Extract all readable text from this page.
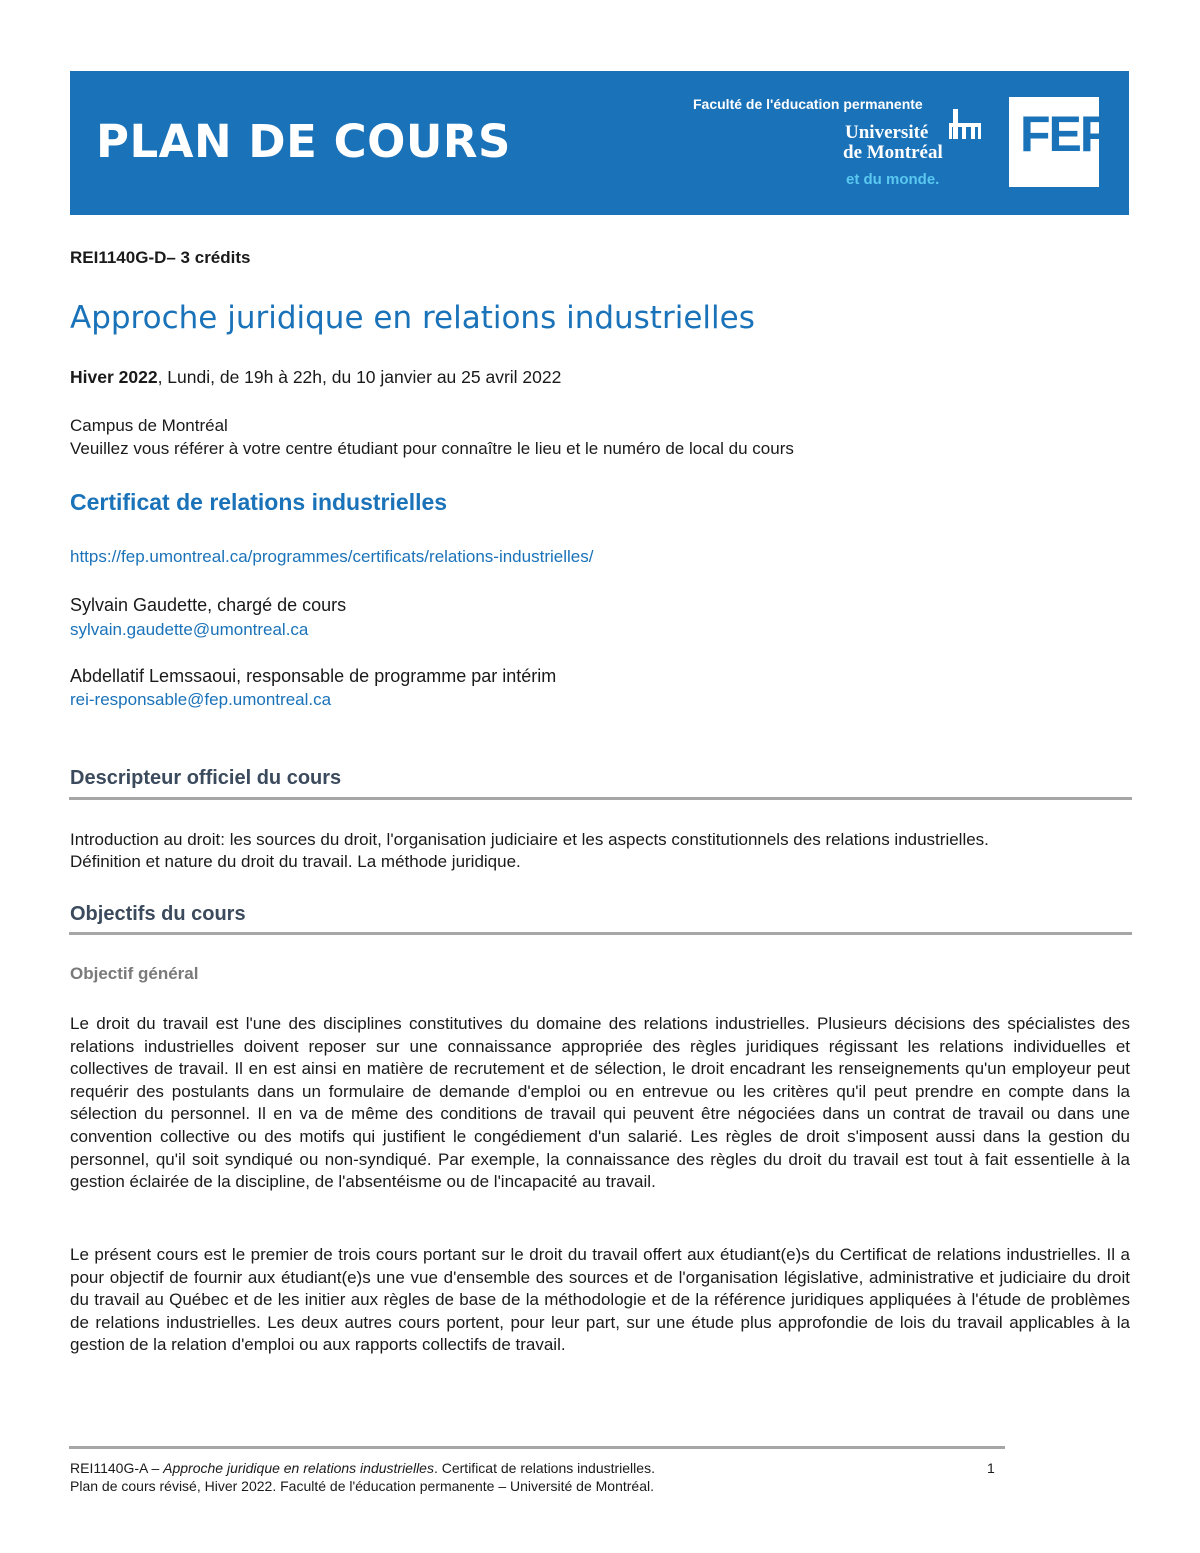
PLAN DE COURS
Faculté de l'éducation permanente
Université
de Montréal
et du monde.
FEP
REI1140G-D– 3 crédits
Approche juridique en relations industrielles
Hiver 2022, Lundi, de 19h à 22h, du 10 janvier au 25 avril 2022
Campus de Montréal
Veuillez vous référer à votre centre étudiant pour connaître le lieu et le numéro de local du cours
Certificat de relations industrielles
https://fep.umontreal.ca/programmes/certificats/relations-industrielles/
Sylvain Gaudette, chargé de cours
sylvain.gaudette@umontreal.ca
Abdellatif Lemssaoui, responsable de programme par intérim
rei-responsable@fep.umontreal.ca
Descripteur officiel du cours
Introduction au droit: les sources du droit, l'organisation judiciaire et les aspects constitutionnels des relations industrielles.
Définition et nature du droit du travail. La méthode juridique.
Objectifs du cours
Objectif général

Le droit du travail est l'une des disciplines constitutives du domaine des relations industrielles. Plusieurs décisions des spécialistes des relations industrielles doivent reposer sur une connaissance appropriée des règles juridiques régissant les relations individuelles et collectives de travail. Il en est ainsi en matière de recrutement et de sélection, le droit encadrant les renseignements qu'un employeur peut requérir des postulants dans un formulaire de demande d'emploi ou en entrevue ou les critères qu'il peut prendre en compte dans la sélection du personnel. Il en va de même des conditions de travail qui peuvent être négociées dans un contrat de travail ou dans une convention collective ou des motifs qui justifient le congédiement d'un salarié. Les règles de droit s'imposent aussi dans la gestion du personnel, qu'il soit syndiqué ou non-syndiqué. Par exemple, la connaissance des règles du droit du travail est tout à fait essentielle à la gestion éclairée de la discipline, de l'absentéisme ou de l'incapacité au travail.

Le présent cours est le premier de trois cours portant sur le droit du travail offert aux étudiant(e)s du Certificat de relations industrielles. Il a pour objectif de fournir aux étudiant(e)s une vue d'ensemble des sources et de l'organisation législative, administrative et judiciaire du droit du travail au Québec et de les initier aux règles de base de la méthodologie et de la référence juridiques appliquées à l'étude de problèmes de relations industrielles. Les deux autres cours portent, pour leur part, sur une étude plus approfondie de lois du travail applicables à la gestion de la relation d'emploi ou aux rapports collectifs de travail.

REI1140G-A – Approche juridique en relations industrielles. Certificat de relations industrielles.
Plan de cours révisé, Hiver 2022. Faculté de l'éducation permanente – Université de Montréal.
1
